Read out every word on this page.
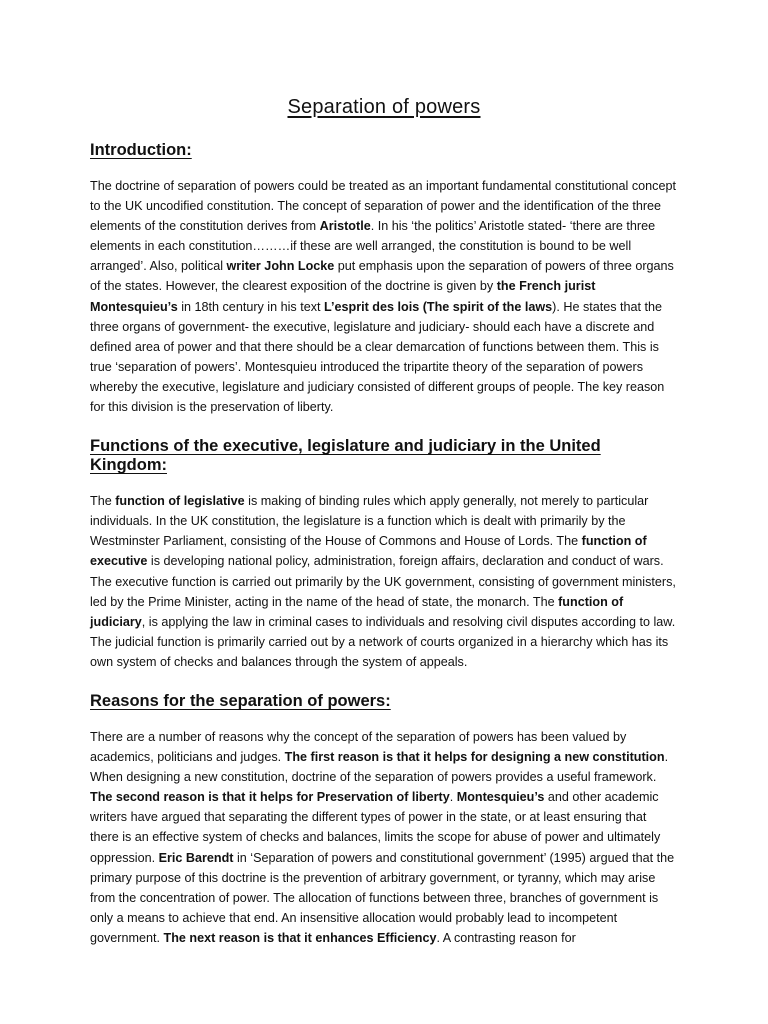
Separation of powers
Introduction:

The doctrine of separation of powers could be treated as an important fundamental constitutional concept to the UK uncodified constitution. The concept of separation of power and the identification of the three elements of the constitution derives from Aristotle. In his ‘the politics’ Aristotle stated- ‘there are three elements in each constitution………if these are well arranged, the constitution is bound to be well arranged’. Also, political writer John Locke put emphasis upon the separation of powers of three organs of the states. However, the clearest exposition of the doctrine is given by the French jurist Montesquieu’s in 18th century in his text L’esprit des lois (The spirit of the laws). He states that the three organs of government- the executive, legislature and judiciary- should each have a discrete and defined area of power and that there should be a clear demarcation of functions between them. This is true ‘separation of powers’. Montesquieu introduced the tripartite theory of the separation of powers whereby the executive, legislature and judiciary consisted of different groups of people. The key reason for this division is the preservation of liberty.

Functions of the executive, legislature and judiciary in the United Kingdom:

The function of legislative is making of binding rules which apply generally, not merely to particular individuals. In the UK constitution, the legislature is a function which is dealt with primarily by the Westminster Parliament, consisting of the House of Commons and House of Lords. The function of executive is developing national policy, administration, foreign affairs, declaration and conduct of wars. The executive function is carried out primarily by the UK government, consisting of government ministers, led by the Prime Minister, acting in the name of the head of state, the monarch. The function of judiciary, is applying the law in criminal cases to individuals and resolving civil disputes according to law. The judicial function is primarily carried out by a network of courts organized in a hierarchy which has its own system of checks and balances through the system of appeals.

Reasons for the separation of powers:

There are a number of reasons why the concept of the separation of powers has been valued by academics, politicians and judges. The first reason is that it helps for designing a new constitution. When designing a new constitution, doctrine of the separation of powers provides a useful framework. The second reason is that it helps for Preservation of liberty. Montesquieu’s and other academic writers have argued that separating the different types of power in the state, or at least ensuring that there is an effective system of checks and balances, limits the scope for abuse of power and ultimately oppression. Eric Barendt in ‘Separation of powers and constitutional government’ (1995) argued that the primary purpose of this doctrine is the prevention of arbitrary government, or tyranny, which may arise from the concentration of power. The allocation of functions between three, branches of government is only a means to achieve that end. An insensitive allocation would probably lead to incompetent government. The next reason is that it enhances Efficiency. A contrasting reason for
